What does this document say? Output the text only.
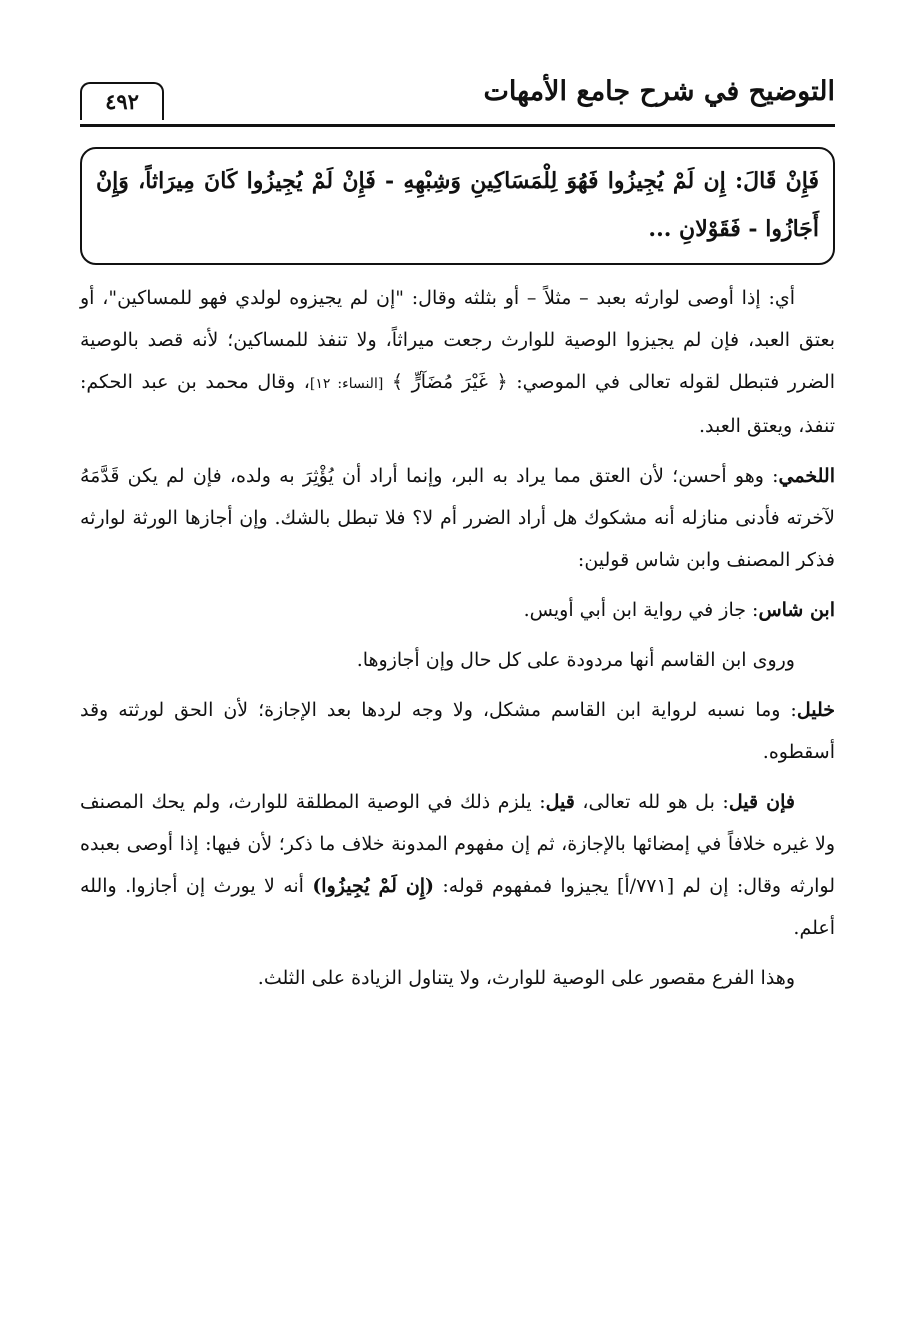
التوضيح في شرح جامع الأمهات
٤٩٢
فَإِنْ قَالَ: إِن لَمْ يُجِيزُوا فَهُوَ لِلْمَسَاكِينِ وَشِبْهِهِ - فَإِنْ لَمْ يُجِيزُوا كَانَ مِيرَاثاً، وَإِنْ أَجَازُوا - فَقَوْلانِ ...

أي: إذا أوصى لوارثه بعبد – مثلاً – أو بثلثه وقال: "إن لم يجيزوه لولدي فهو للمساكين"، أو بعتق العبد، فإن لم يجيزوا الوصية للوارث رجعت ميراثاً، ولا تنفذ للمساكين؛ لأنه قصد بالوصية الضرر فتبطل لقوله تعالى في الموصي: ﴿ غَيْرَ مُضَآرٍّ ﴾ [النساء: ١٢]، وقال محمد بن عبد الحكم: تنفذ، ويعتق العبد.

اللخمي: وهو أحسن؛ لأن العتق مما يراد به البر، وإنما أراد أن يُؤْثِرَ به ولده، فإن لم يكن قَدَّمَهُ لآخرته فأدنى منازله أنه مشكوك هل أراد الضرر أم لا؟ فلا تبطل بالشك. وإن أجازها الورثة لوارثه فذكر المصنف وابن شاس قولين:

ابن شاس: جاز في رواية ابن أبي أويس.

وروى ابن القاسم أنها مردودة على كل حال وإن أجازوها.

خليل: وما نسبه لرواية ابن القاسم مشكل، ولا وجه لردها بعد الإجازة؛ لأن الحق لورثته وقد أسقطوه.

فإن قيل: بل هو لله تعالى، قيل: يلزم ذلك في الوصية المطلقة للوارث، ولم يحك المصنف ولا غيره خلافاً في إمضائها بالإجازة، ثم إن مفهوم المدونة خلاف ما ذكر؛ لأن فيها: إذا أوصى بعبده لوارثه وقال: إن لم [٧٧١/أ] يجيزوا فمفهوم قوله: (إِن لَمْ يُجِيزُوا) أنه لا يورث إن أجازوا. والله أعلم.

وهذا الفرع مقصور على الوصية للوارث، ولا يتناول الزيادة على الثلث.
